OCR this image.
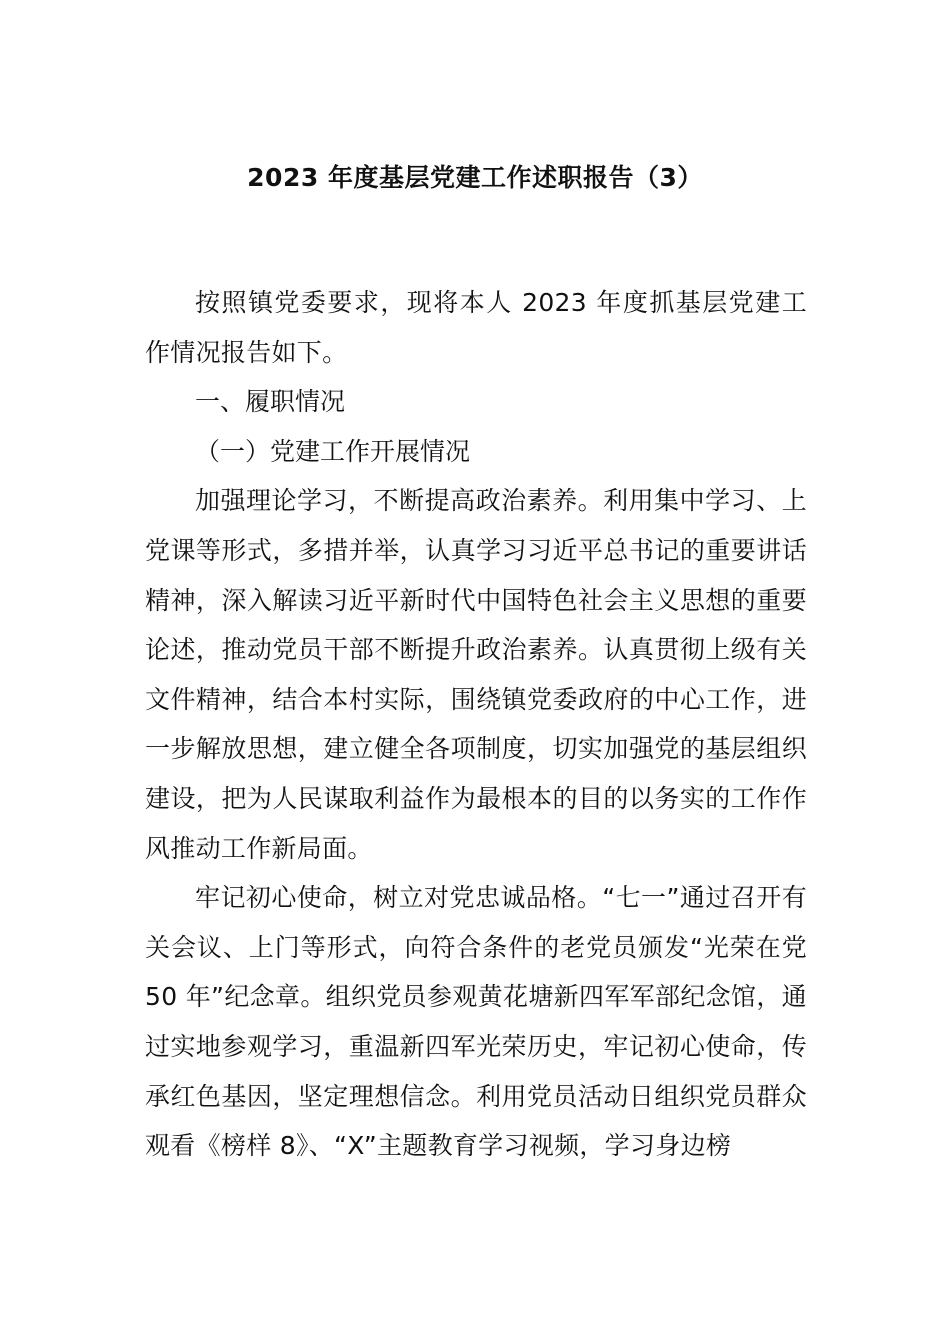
2023 年度基层党建工作述职报告（3）

按照镇党委要求，现将本人 2023 年度抓基层党建工作情况报告如下。

一、履职情况

（一）党建工作开展情况

加强理论学习，不断提高政治素养。利用集中学习、上党课等形式，多措并举，认真学习习近平总书记的重要讲话精神，深入解读习近平新时代中国特色社会主义思想的重要论述，推动党员干部不断提升政治素养。认真贯彻上级有关文件精神，结合本村实际，围绕镇党委政府的中心工作，进一步解放思想，建立健全各项制度，切实加强党的基层组织建设，把为人民谋取利益作为最根本的目的以务实的工作作风推动工作新局面。

牢记初心使命，树立对党忠诚品格。“七一”通过召开有关会议、上门等形式，向符合条件的老党员颁发“光荣在党 50 年”纪念章。组织党员参观黄花塘新四军军部纪念馆，通过实地参观学习，重温新四军光荣历史，牢记初心使命，传承红色基因，坚定理想信念。利用党员活动日组织党员群众观看《榜样 8》、“X”主题教育学习视频，学习身边榜
